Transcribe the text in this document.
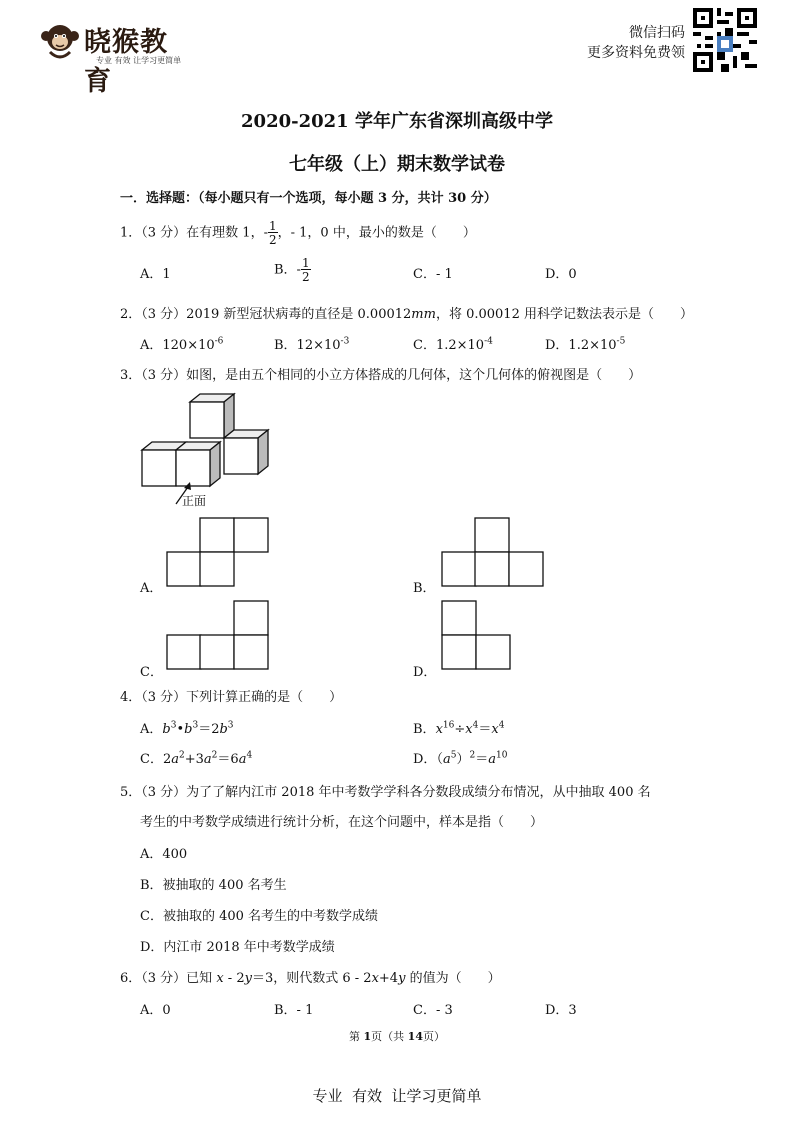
晓猴教育
专业 有效 让学习更简单
微信扫码
更多资料免费领
2020-2021 学年广东省深圳高级中学
七年级（上）期末数学试卷
一．选择题：（每小题只有一个选项，每小题 3 分，共计 30 分）
1．（3 分）在有理数 1，- $\frac{1}{2}$ ，- 1，0 中，最小的数是（　　）
A．1	B．- $\frac{1}{2}$	C．- 1	D．0
2．（3 分）2019 新型冠状病毒的直径是 0.00012mm，将 0.00012 用科学记数法表示是（　　）
A．$120\times 10^{-6}$	B．$12\times 10^{-3}$	C．$1.2\times 10^{-4}$	D．$1.2\times 10^{-5}$
3．（3 分）如图，是由五个相同的小立方体搭成的几何体，这个几何体的俯视图是（　　）
正面
A．	B．
C．	D．
4．（3 分）下列计算正确的是（　　）
A．$b^3•b^3=2b^3$	B．$x^{16}\div x^4=x^4$
C．$2a^2+3a^2=6a^4$	D．$(a^5)^2=a^{10}$
5．（3 分）为了了解内江市 2018 年中考数学学科各分数段成绩分布情况，从中抽取 400 名
考生的中考数学成绩进行统计分析，在这个问题中，样本是指（　　）
A．400
B．被抽取的 400 名考生
C．被抽取的 400 名考生的中考数学成绩
D．内江市 2018 年中考数学成绩
6．（3 分）已知 x - 2y＝3，则代数式 6 - 2x+4y 的值为（　　）
A．0	B．- 1	C．- 3	D．3
第 1页（共 14页）
专业  有效  让学习更简单
